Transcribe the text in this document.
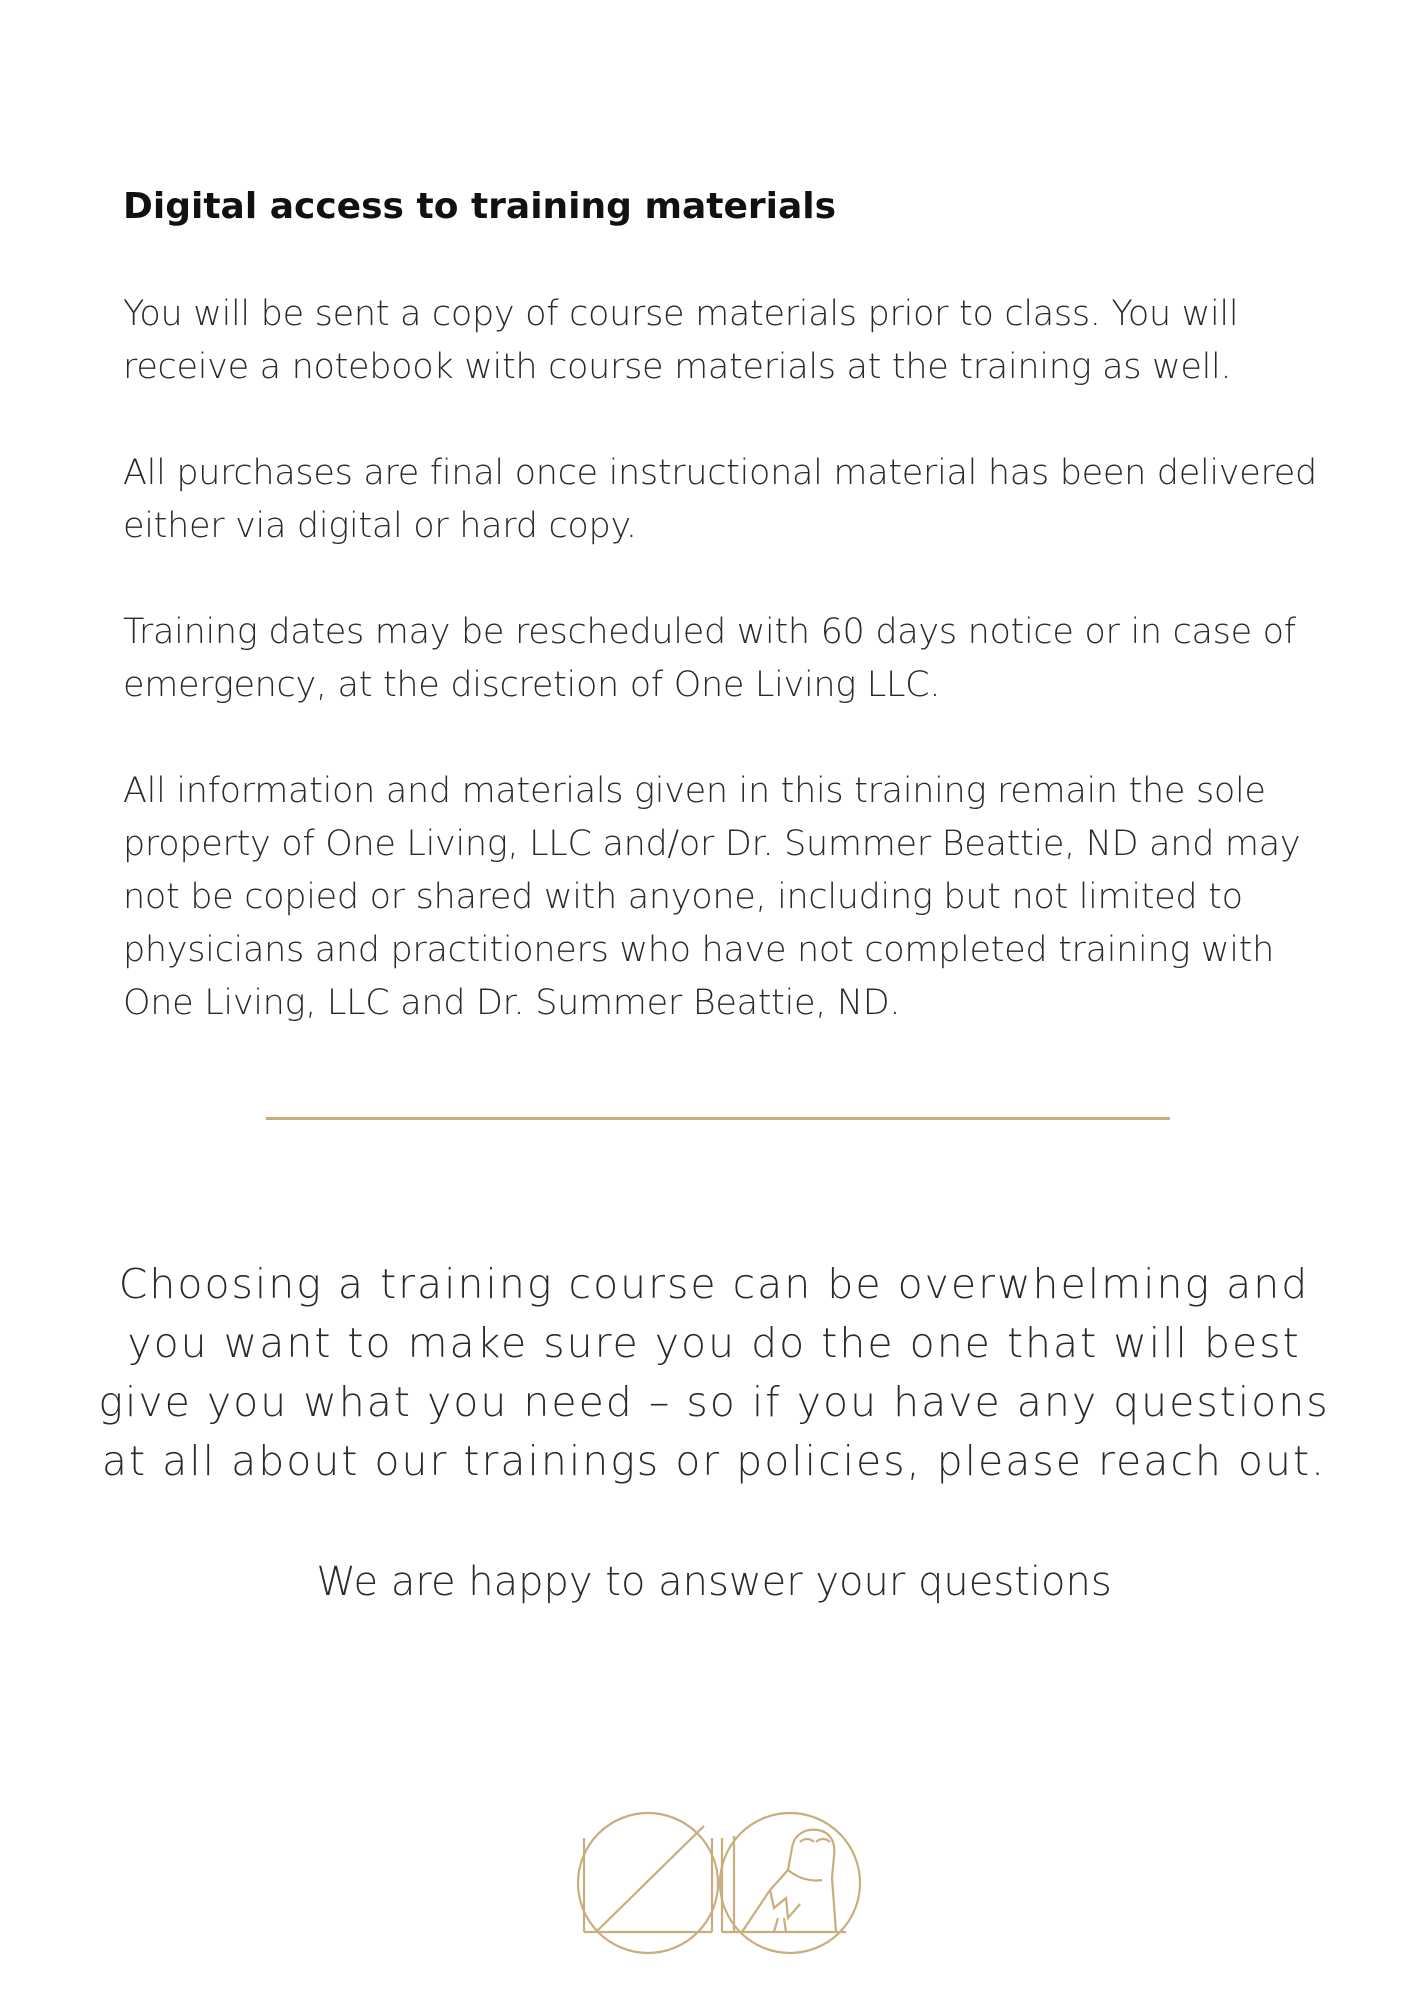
Digital access to training materials

You will be sent a copy of course materials prior to class. You will receive a notebook with course materials at the training as well.

All purchases are final once instructional material has been delivered either via digital or hard copy.

Training dates may be rescheduled with 60 days notice or in case of emergency, at the discretion of One Living LLC.

All information and materials given in this training remain the sole property of One Living, LLC and/or Dr. Summer Beattie, ND and may not be copied or shared with anyone, including but not limited to physicians and practitioners who have not completed training with One Living, LLC and Dr. Summer Beattie, ND.

Choosing a training course can be overwhelming and you want to make sure you do the one that will best give you what you need – so if you have any questions at all about our trainings or policies, please reach out.

We are happy to answer your questions
